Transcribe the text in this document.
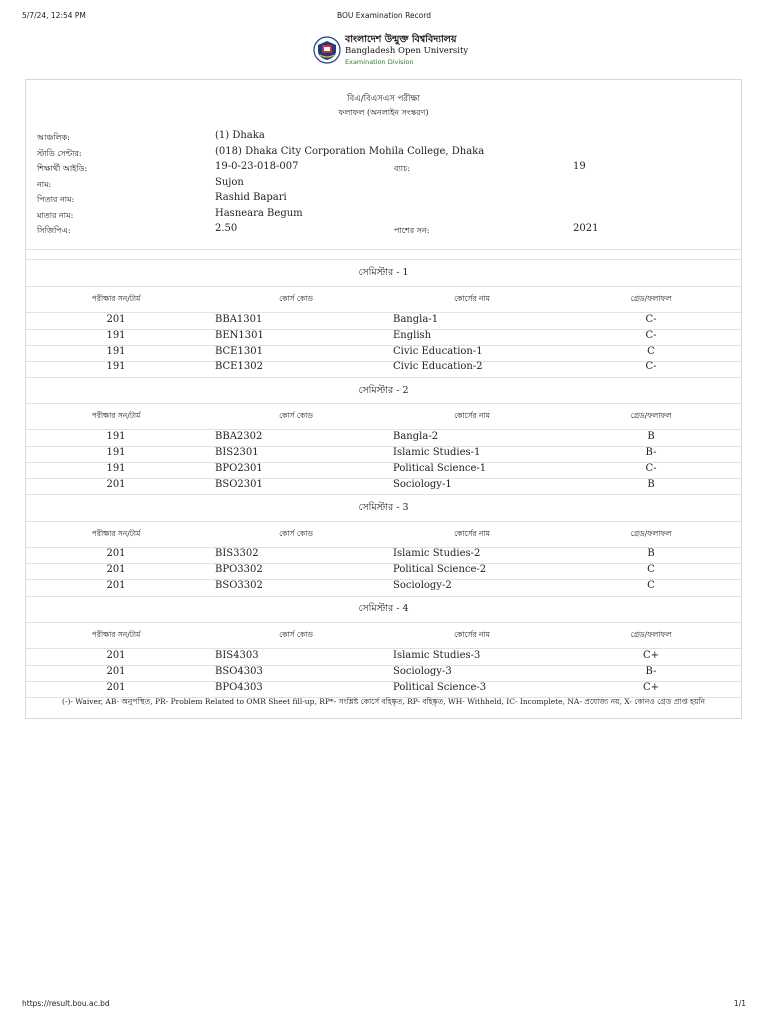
5/7/24, 12:54 PM	BOU Examination Record
বাংলাদেশ উন্মুক্ত বিশ্ববিদ্যালয়
Bangladesh Open University
Examination Division
বিএ/বিএসএস পরীক্ষা
ফলাফল (অনলাইন সংস্করণ)
আঞ্চলিক:	(1) Dhaka
স্টাডি সেন্টার:	(018) Dhaka City Corporation Mohila College, Dhaka
শিক্ষার্থী আইডি:	19-0-23-018-007	ব্যাচ:	19
নাম:	Sujon
পিতার নাম:	Rashid Bapari
মাতার নাম:	Hasneara Begum
সিজিপিএ:	2.50	পাশের সন:	2021
সেমিস্টার - 1
পরীক্ষার সন/টার্ম	কোর্স কোড	কোর্সের নাম	গ্রেড/ফলাফল
201	BBA1301	Bangla-1	C-
191	BEN1301	English	C-
191	BCE1301	Civic Education-1	C
191	BCE1302	Civic Education-2	C-
সেমিস্টার - 2
পরীক্ষার সন/টার্ম	কোর্স কোড	কোর্সের নাম	গ্রেড/ফলাফল
191	BBA2302	Bangla-2	B
191	BIS2301	Islamic Studies-1	B-
191	BPO2301	Political Science-1	C-
201	BSO2301	Sociology-1	B
সেমিস্টার - 3
পরীক্ষার সন/টার্ম	কোর্স কোড	কোর্সের নাম	গ্রেড/ফলাফল
201	BIS3302	Islamic Studies-2	B
201	BPO3302	Political Science-2	C
201	BSO3302	Sociology-2	C
সেমিস্টার - 4
পরীক্ষার সন/টার্ম	কোর্স কোড	কোর্সের নাম	গ্রেড/ফলাফল
201	BIS4303	Islamic Studies-3	C+
201	BSO4303	Sociology-3	B-
201	BPO4303	Political Science-3	C+
(-)- Waiver, AB- অনুপস্থিত, PR- Problem Related to OMR Sheet fill-up, RP*- সংশ্লিষ্ট কোর্সে বহিষ্কৃত, RP- বহিষ্কৃত, WH- Withheld, IC- Incomplete, NA- প্রযোজ্য নয়, X- কোনও গ্রেড প্রাপ্ত হয়নি
https://result.bou.ac.bd	1/1
